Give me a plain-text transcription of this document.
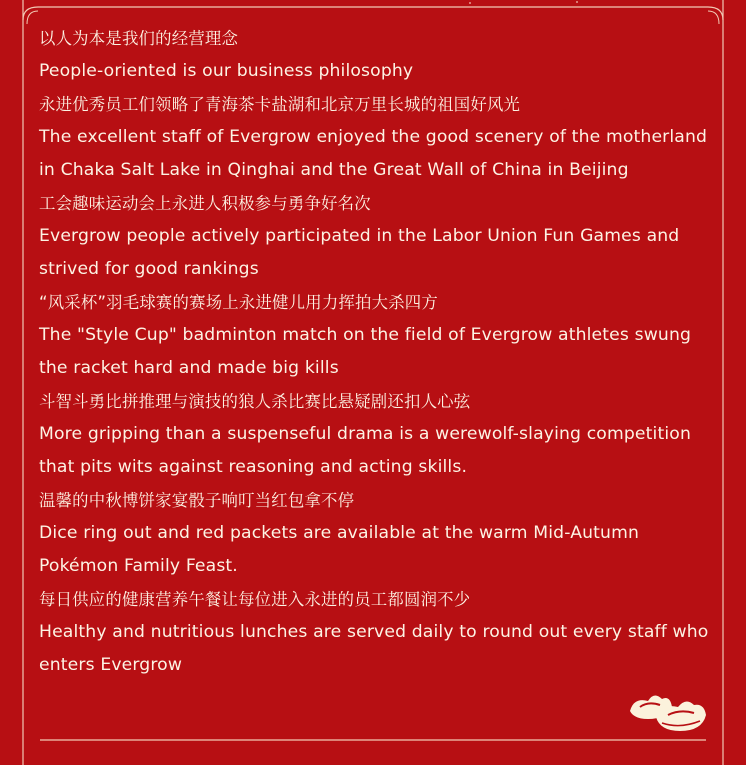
以人为本是我们的经营理念
People-oriented is our business philosophy
永进优秀员工们领略了青海茶卡盐湖和北京万里长城的祖国好风光
The excellent staff of Evergrow enjoyed the good scenery of the motherland in Chaka Salt Lake in Qinghai and the Great Wall of China in Beijing
工会趣味运动会上永进人积极参与勇争好名次
Evergrow people actively participated in the Labor Union Fun Games and strived for good rankings
“风采杯”羽毛球赛的赛场上永进健儿用力挥拍大杀四方
The "Style Cup" badminton match on the field of Evergrow athletes swung the racket hard and made big kills
斗智斗勇比拼推理与演技的狼人杀比赛比悬疑剧还扣人心弦
More gripping than a suspenseful drama is a werewolf-slaying competition that pits wits against reasoning and acting skills.
温馨的中秋博饼家宴骰子响叮当红包拿不停
Dice ring out and red packets are available at the warm Mid-Autumn Pokémon Family Feast.
每日供应的健康营养午餐让每位进入永进的员工都圆润不少
Healthy and nutritious lunches are served daily to round out every staff who enters Evergrow
